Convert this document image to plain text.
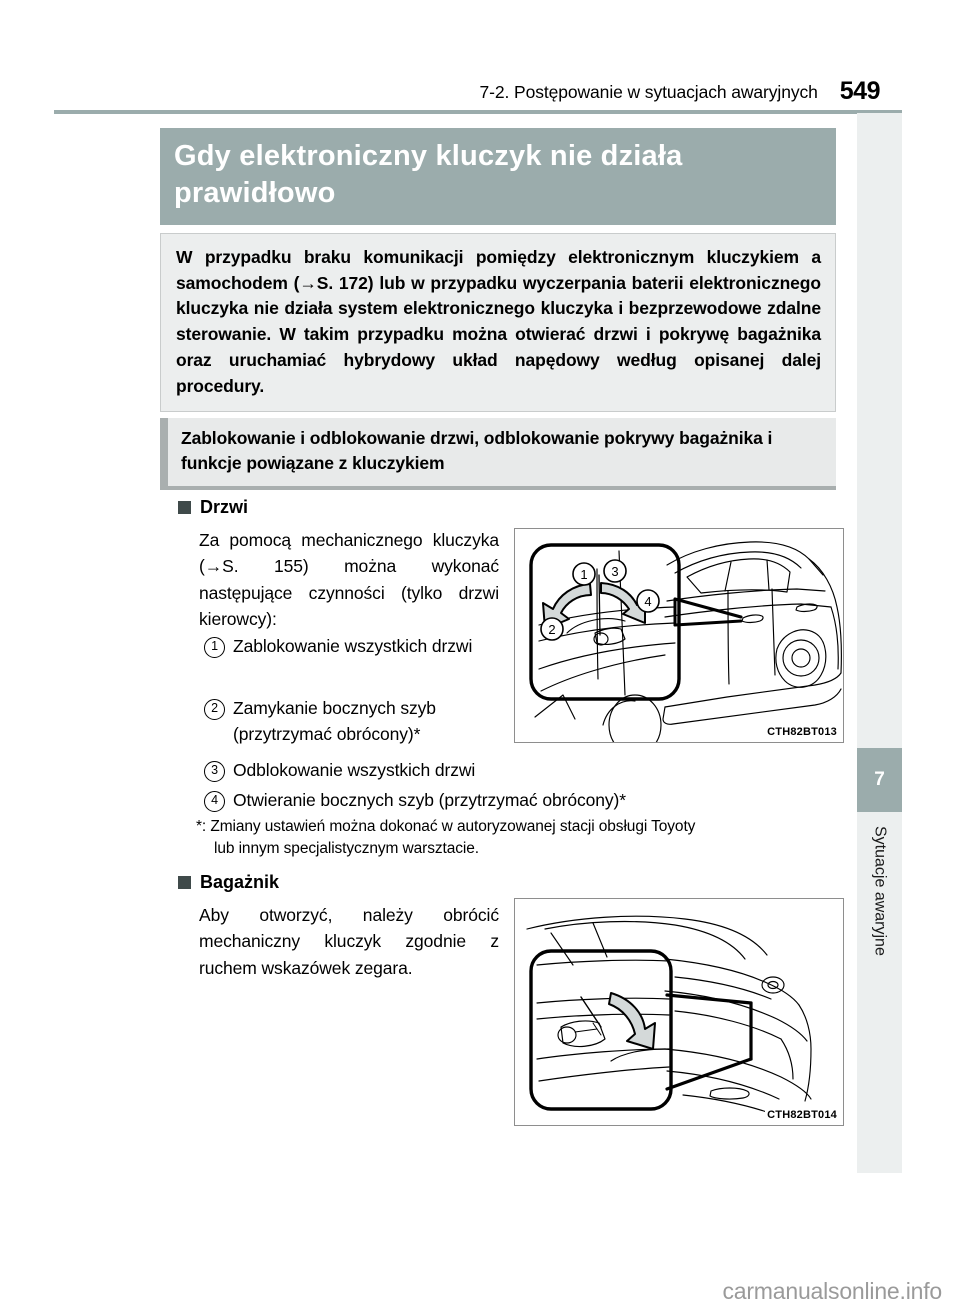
7-2. Postępowanie w sytuacjach awaryjnych 549
7
Sytuacje awaryjne
Gdy elektroniczny kluczyk nie działa prawidłowo

W przypadku braku komunikacji pomiędzy elektronicznym kluczykiem a samochodem (→S. 172) lub w przypadku wyczerpania baterii elektronicznego kluczyka nie działa system elektronicznego kluczyka i bezprzewodowe zdalne sterowanie. W takim przypadku można otwierać drzwi i pokrywę bagażnika oraz uruchamiać hybrydowy układ napędowy według opisanej dalej procedury.

Zablokowanie i odblokowanie drzwi, odblokowanie pokrywy bagażnika i funkcje powiązane z kluczykiem

Drzwi
Za pomocą mechanicznego kluczyka (→S. 155) można wykonać następujące czynności (tylko drzwi kierowcy):
1 Zablokowanie wszystkich drzwi
2 Zamykanie bocznych szyb (przytrzymać obrócony)*
3 Odblokowanie wszystkich drzwi
4 Otwieranie bocznych szyb (przytrzymać obrócony)*
*: Zmiany ustawień można dokonać w autoryzowanej stacji obsługi Toyoty
lub innym specjalistycznym warsztacie.
Bagażnik
Aby otworzyć, należy obrócić mechaniczny kluczyk zgodnie z ruchem wskazówek zegara.
1 3
4
2
CTH82BT013
CTH82BT014
carmanualsonline.info
